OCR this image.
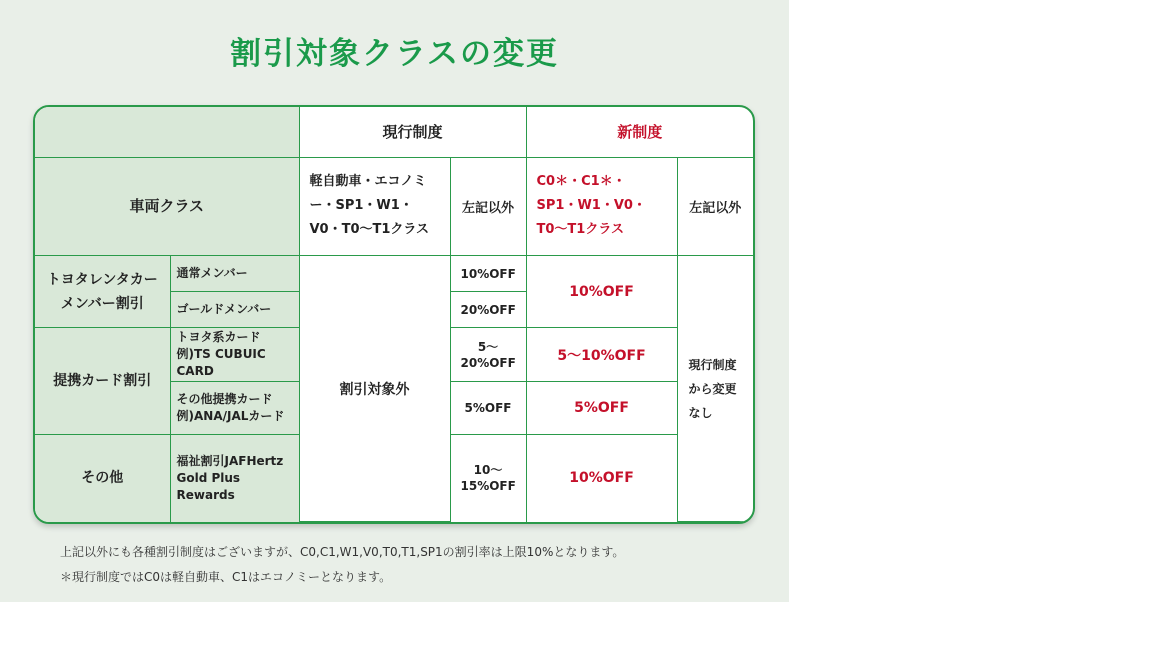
割引対象クラスの変更
		現行制度		新制度	
車両クラス		軽自動車・エコノミー・SP1・W1・V0・T0〜T1クラス	左記以外	C0＊・C1＊・SP1・W1・V0・T0〜T1クラス	左記以外
トヨタレンタカーメンバー割引	通常メンバー	割引対象外	10%OFF	10%OFF	現行制度から変更なし
	ゴールドメンバー		20%OFF		
提携カード割引	トヨタ系カード例)TS CUBUIC CARD		5〜20%OFF	5〜10%OFF	
	その他提携カード例)ANA/JALカード		5%OFF	5%OFF	
その他	福祉割引JAFHertz Gold Plus Rewards		10〜15%OFF	10%OFF	
上記以外にも各種割引制度はございますが、C0,C1,W1,V0,T0,T1,SP1の割引率は上限10%となります。
＊現行制度ではC0は軽自動車、C1はエコノミーとなります。
